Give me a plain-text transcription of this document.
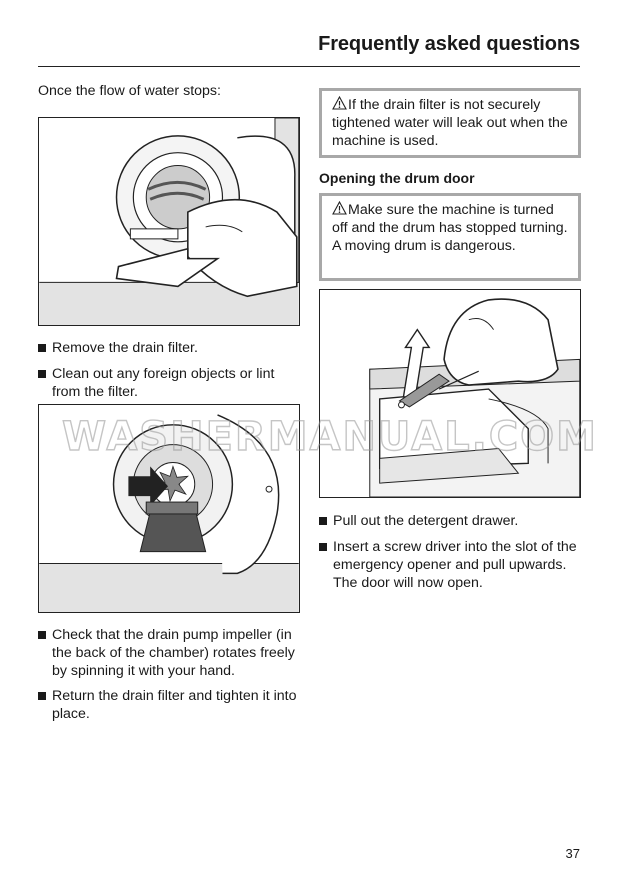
Frequently asked questions
Once the flow of water stops:
Remove the drain filter.
Clean out any foreign objects or lint from the filter.
Check that the drain pump impeller (in the back of the chamber) rotates freely by spinning it with your hand.
Return the drain filter and tighten it into place.
If the drain filter is not securely tightened water will leak out when the machine is used.
Opening the drum door
Make sure the machine is turned off and the drum has stopped turning. A moving drum is dangerous.
Pull out the detergent drawer.
Insert a screw driver into the slot of the emergency opener and pull upwards. The door will now open.
37
